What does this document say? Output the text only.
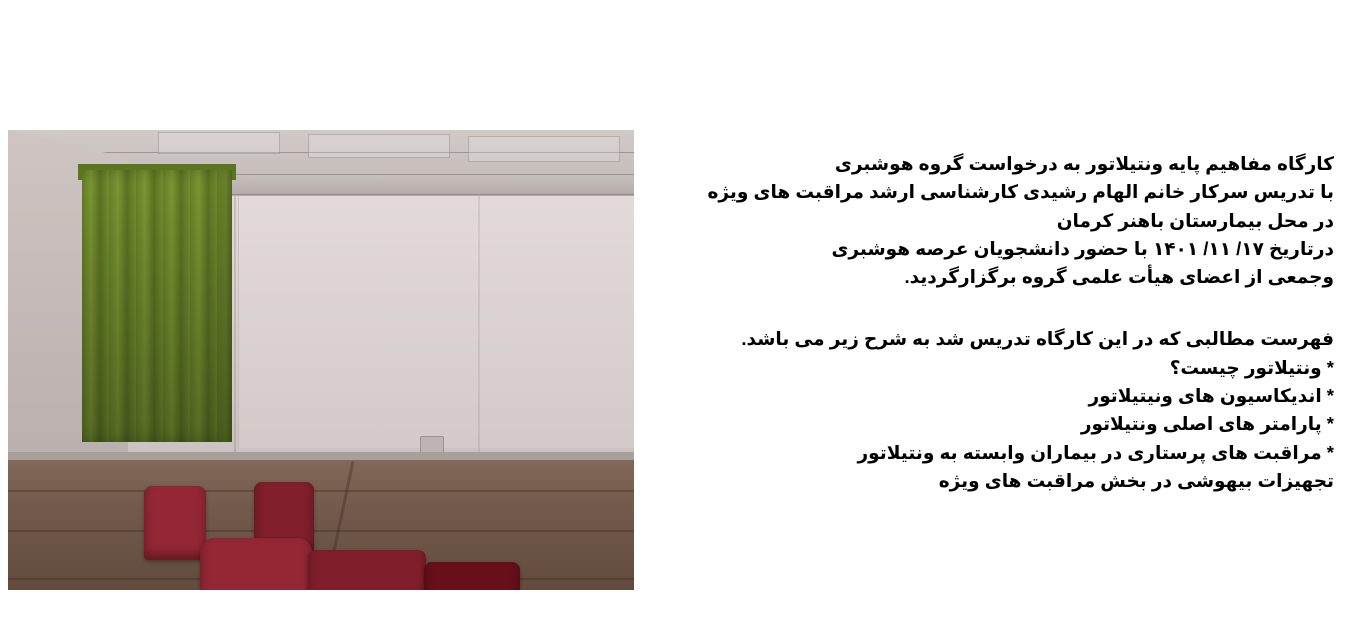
کارگاه مفاهیم پایه ونتیلاتور به درخواست گروه هوشبری
با تدریس سرکار خانم الهام رشیدی کارشناسی ارشد مراقبت های ویژه
در محل بیمارستان باهنر کرمان
درتاریخ ۱۷/ ۱۱/ ۱۴۰۱ با حضور دانشجویان عرصه هوشبری
وجمعی از اعضای هیأت علمی گروه برگزارگردید.
فهرست مطالبی که در این کارگاه تدریس شد به شرح زیر می باشد.
* ونتیلاتور چیست؟
* اندیکاسیون های ونیتیلاتور
* پارامتر های اصلی ونتیلاتور
* مراقبت های پرستاری در بیماران وابسته به ونتیلاتور
تجهیزات بیهوشی در بخش مراقبت های ویژه
